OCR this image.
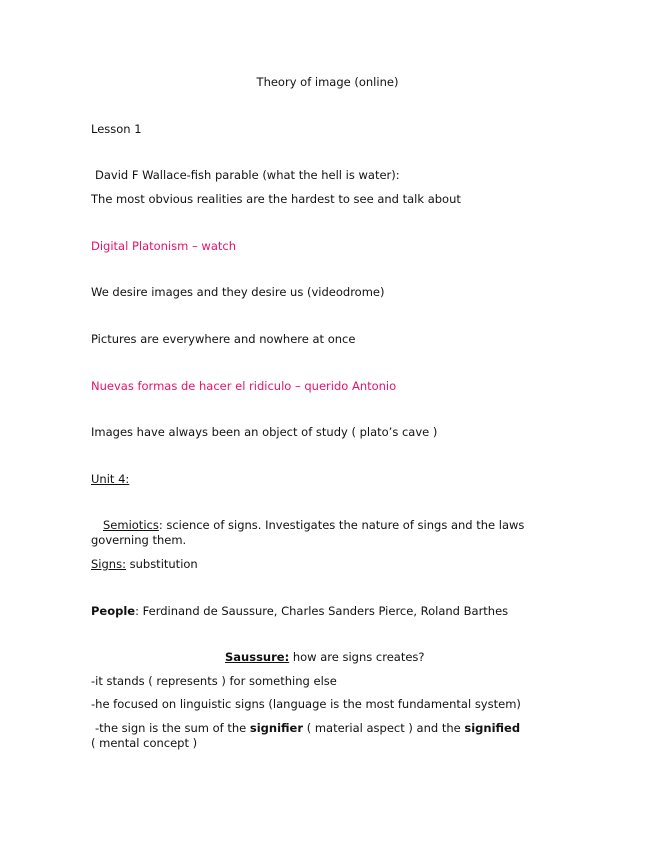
Theory of image (online)
Lesson 1
David F Wallace-fish parable (what the hell is water):
The most obvious realities are the hardest to see and talk about
Digital Platonism – watch
We desire images and they desire us (videodrome)
Pictures are everywhere and nowhere at once
Nuevas formas de hacer el ridiculo – querido Antonio
Images have always been an object of study ( plato’s cave )
Unit 4:
Semiotics: science of signs. Investigates the nature of sings and the laws
governing them.
Signs: substitution
People: Ferdinand de Saussure, Charles Sanders Pierce, Roland Barthes
Saussure: how are signs creates?
-it stands ( represents ) for something else
-he focused on linguistic signs (language is the most fundamental system)
-the sign is the sum of the signifier ( material aspect ) and the signified
( mental concept )
